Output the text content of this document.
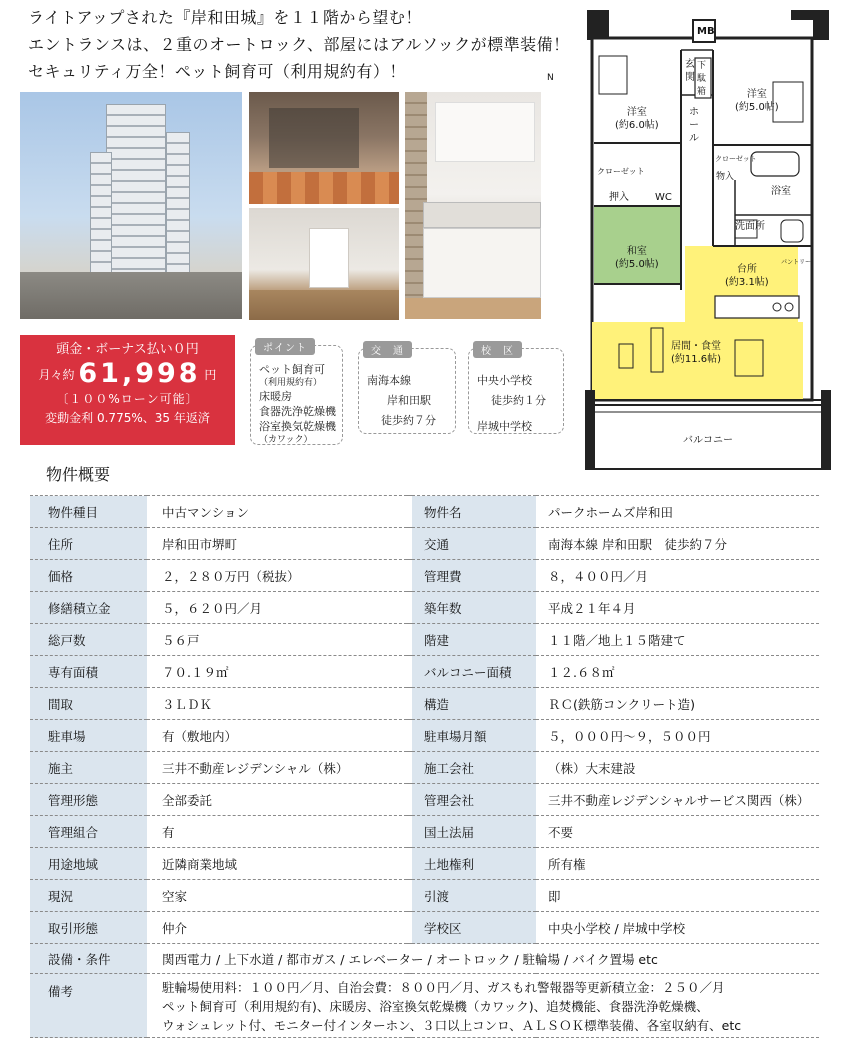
ライトアップされた『岸和田城』を１１階から望む！
エントランスは、２重のオートロック、部屋にはアルソックが標準装備！
セキュリティ万全！ペット飼育可（利用規約有）！
頭金・ボーナス払い０円
月々約 61,998 円
〔１００%ローン可能〕
変動金利 0.775%、35 年返済
ポイント
ペット飼育可
（利用規約有）
床暖房
食器洗浄乾燥機
浴室換気乾燥機
（カワック）
交　通
南海本線
岸和田駅
徒歩約７分
校　区
中央小学校
徒歩約１分
岸城中学校
MB
玄
関
下
駄
箱
洋室
(約6.0帖)
洋室
(約5.0帖)
ホ
ー
ル
クローゼット
クローゼット
物入
浴室
押入	WC
洗面所
和室
(約5.0帖)	台所
(約3.1帖)
パントリー
居間・食堂
(約11.6帖)
バルコニー
N
物件概要
物件種目	中古マンション		物件名	パークホームズ岸和田
住所	岸和田市堺町		交通	南海本線 岸和田駅　徒歩約７分
価格	２，２８０万円（税抜）		管理費	８，４００円／月
修繕積立金	５，６２０円／月		築年数	平成２１年４月
総戸数	５６戸		階建	１１階／地上１５階建て
専有面積	７０.１９㎡		バルコニー面積	１２.６８㎡
間取	３ＬＤＫ		構造	ＲＣ(鉄筋コンクリート造)
駐車場	有（敷地内）		駐車場月額	５，０００円～９，５００円
施主	三井不動産レジデンシャル（株）		施工会社	（株）大末建設
管理形態	全部委託		管理会社	三井不動産レジデンシャルサービス関西（株）
管理組合	有		国土法届	不要
用途地域	近隣商業地域		土地権利	所有権
現況	空家		引渡	即
取引形態	仲介		学校区	中央小学校 / 岸城中学校
設備・条件	関西電力 / 上下水道 / 都市ガス / エレベーター / オートロック / 駐輪場 / バイク置場 etc			
備考	駐輪場使用料：１００円／月、自治会費：８００円／月、ガスもれ警報器等更新積立金：２５０／月
ペット飼育可（利用規約有)、床暖房、浴室換気乾燥機（カワック)、追焚機能、食器洗浄乾燥機、
ウォシュレット付、モニター付インターホン、３口以上コンロ、ＡＬＳＯＫ標準装備、各室収納有、etc			
